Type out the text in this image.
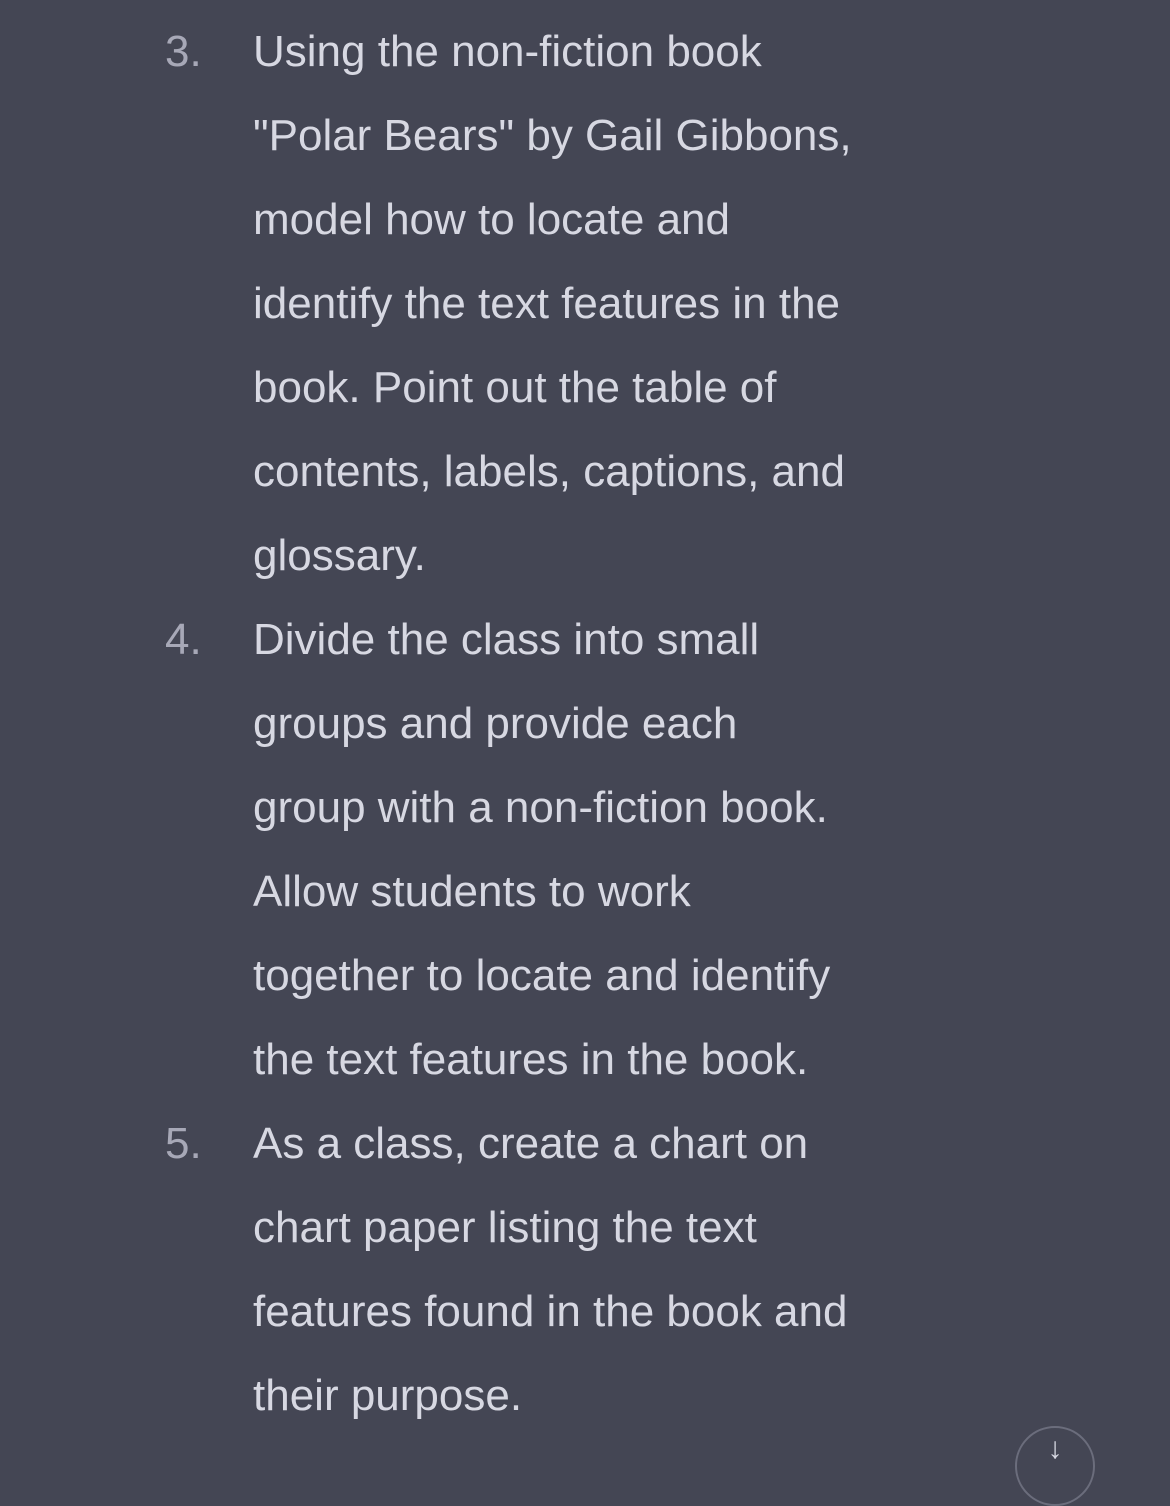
3. Using the non-fiction book
"Polar Bears" by Gail Gibbons,
model how to locate and
identify the text features in the
book. Point out the table of
contents, labels, captions, and
glossary.
4. Divide the class into small
groups and provide each
group with a non-fiction book.
Allow students to work
together to locate and identify
the text features in the book.
5. As a class, create a chart on
chart paper listing the text
features found in the book and
their purpose.
↓
